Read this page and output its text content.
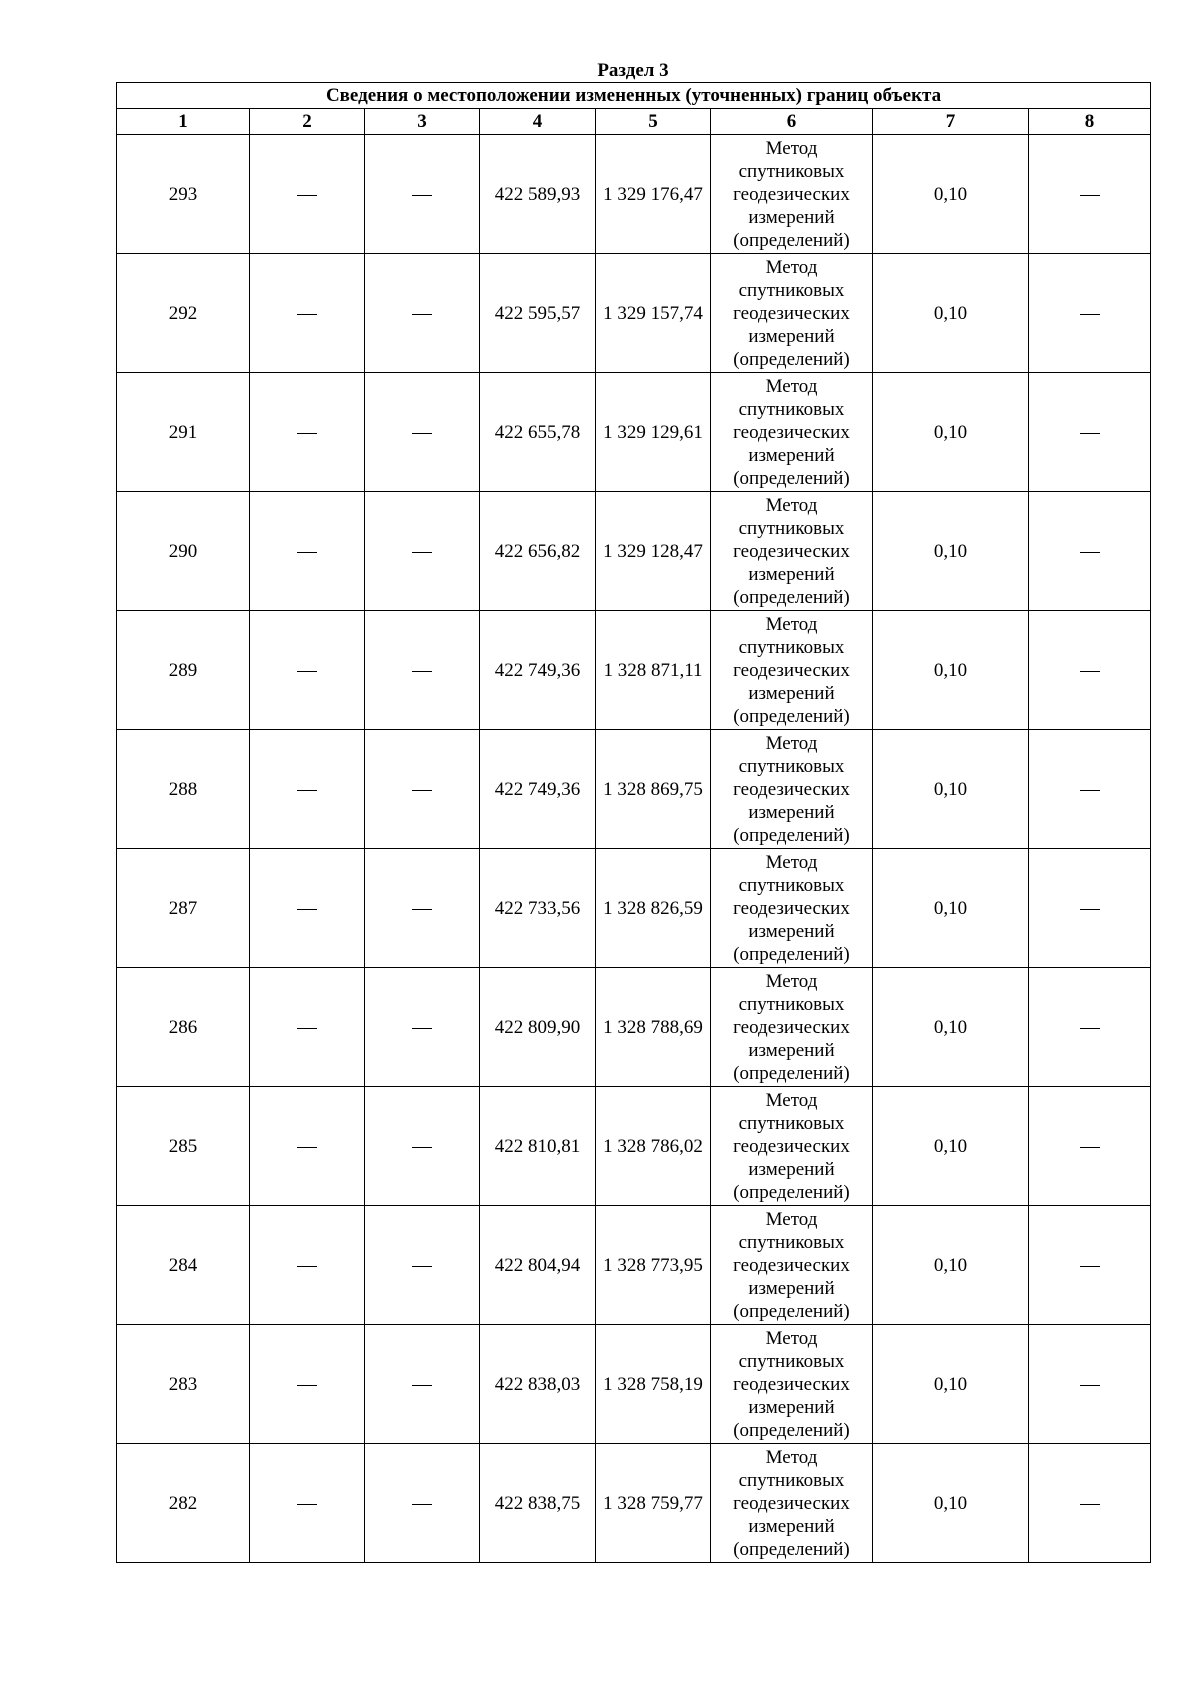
Раздел 3
Сведения о местоположении измененных (уточненных) границ объекта							
1	2	3	4	5	6	7	8
293			422 589,93	1 329 176,47	Метод спутниковых геодезических измерений (определений)	0,10	

292			422 595,57	1 329 157,74	Метод спутниковых геодезических измерений (определений)	0,10	

291			422 655,78	1 329 129,61	Метод спутниковых геодезических измерений (определений)	0,10	

290			422 656,82	1 329 128,47	Метод спутниковых геодезических измерений (определений)	0,10	

289			422 749,36	1 328 871,11	Метод спутниковых геодезических измерений (определений)	0,10	

288			422 749,36	1 328 869,75	Метод спутниковых геодезических измерений (определений)	0,10	

287			422 733,56	1 328 826,59	Метод спутниковых геодезических измерений (определений)	0,10	

286			422 809,90	1 328 788,69	Метод спутниковых геодезических измерений (определений)	0,10	

285			422 810,81	1 328 786,02	Метод спутниковых геодезических измерений (определений)	0,10	

284			422 804,94	1 328 773,95	Метод спутниковых геодезических измерений (определений)	0,10	

283			422 838,03	1 328 758,19	Метод спутниковых геодезических измерений (определений)	0,10	

282			422 838,75	1 328 759,77	Метод спутниковых геодезических измерений (определений)	0,10	
